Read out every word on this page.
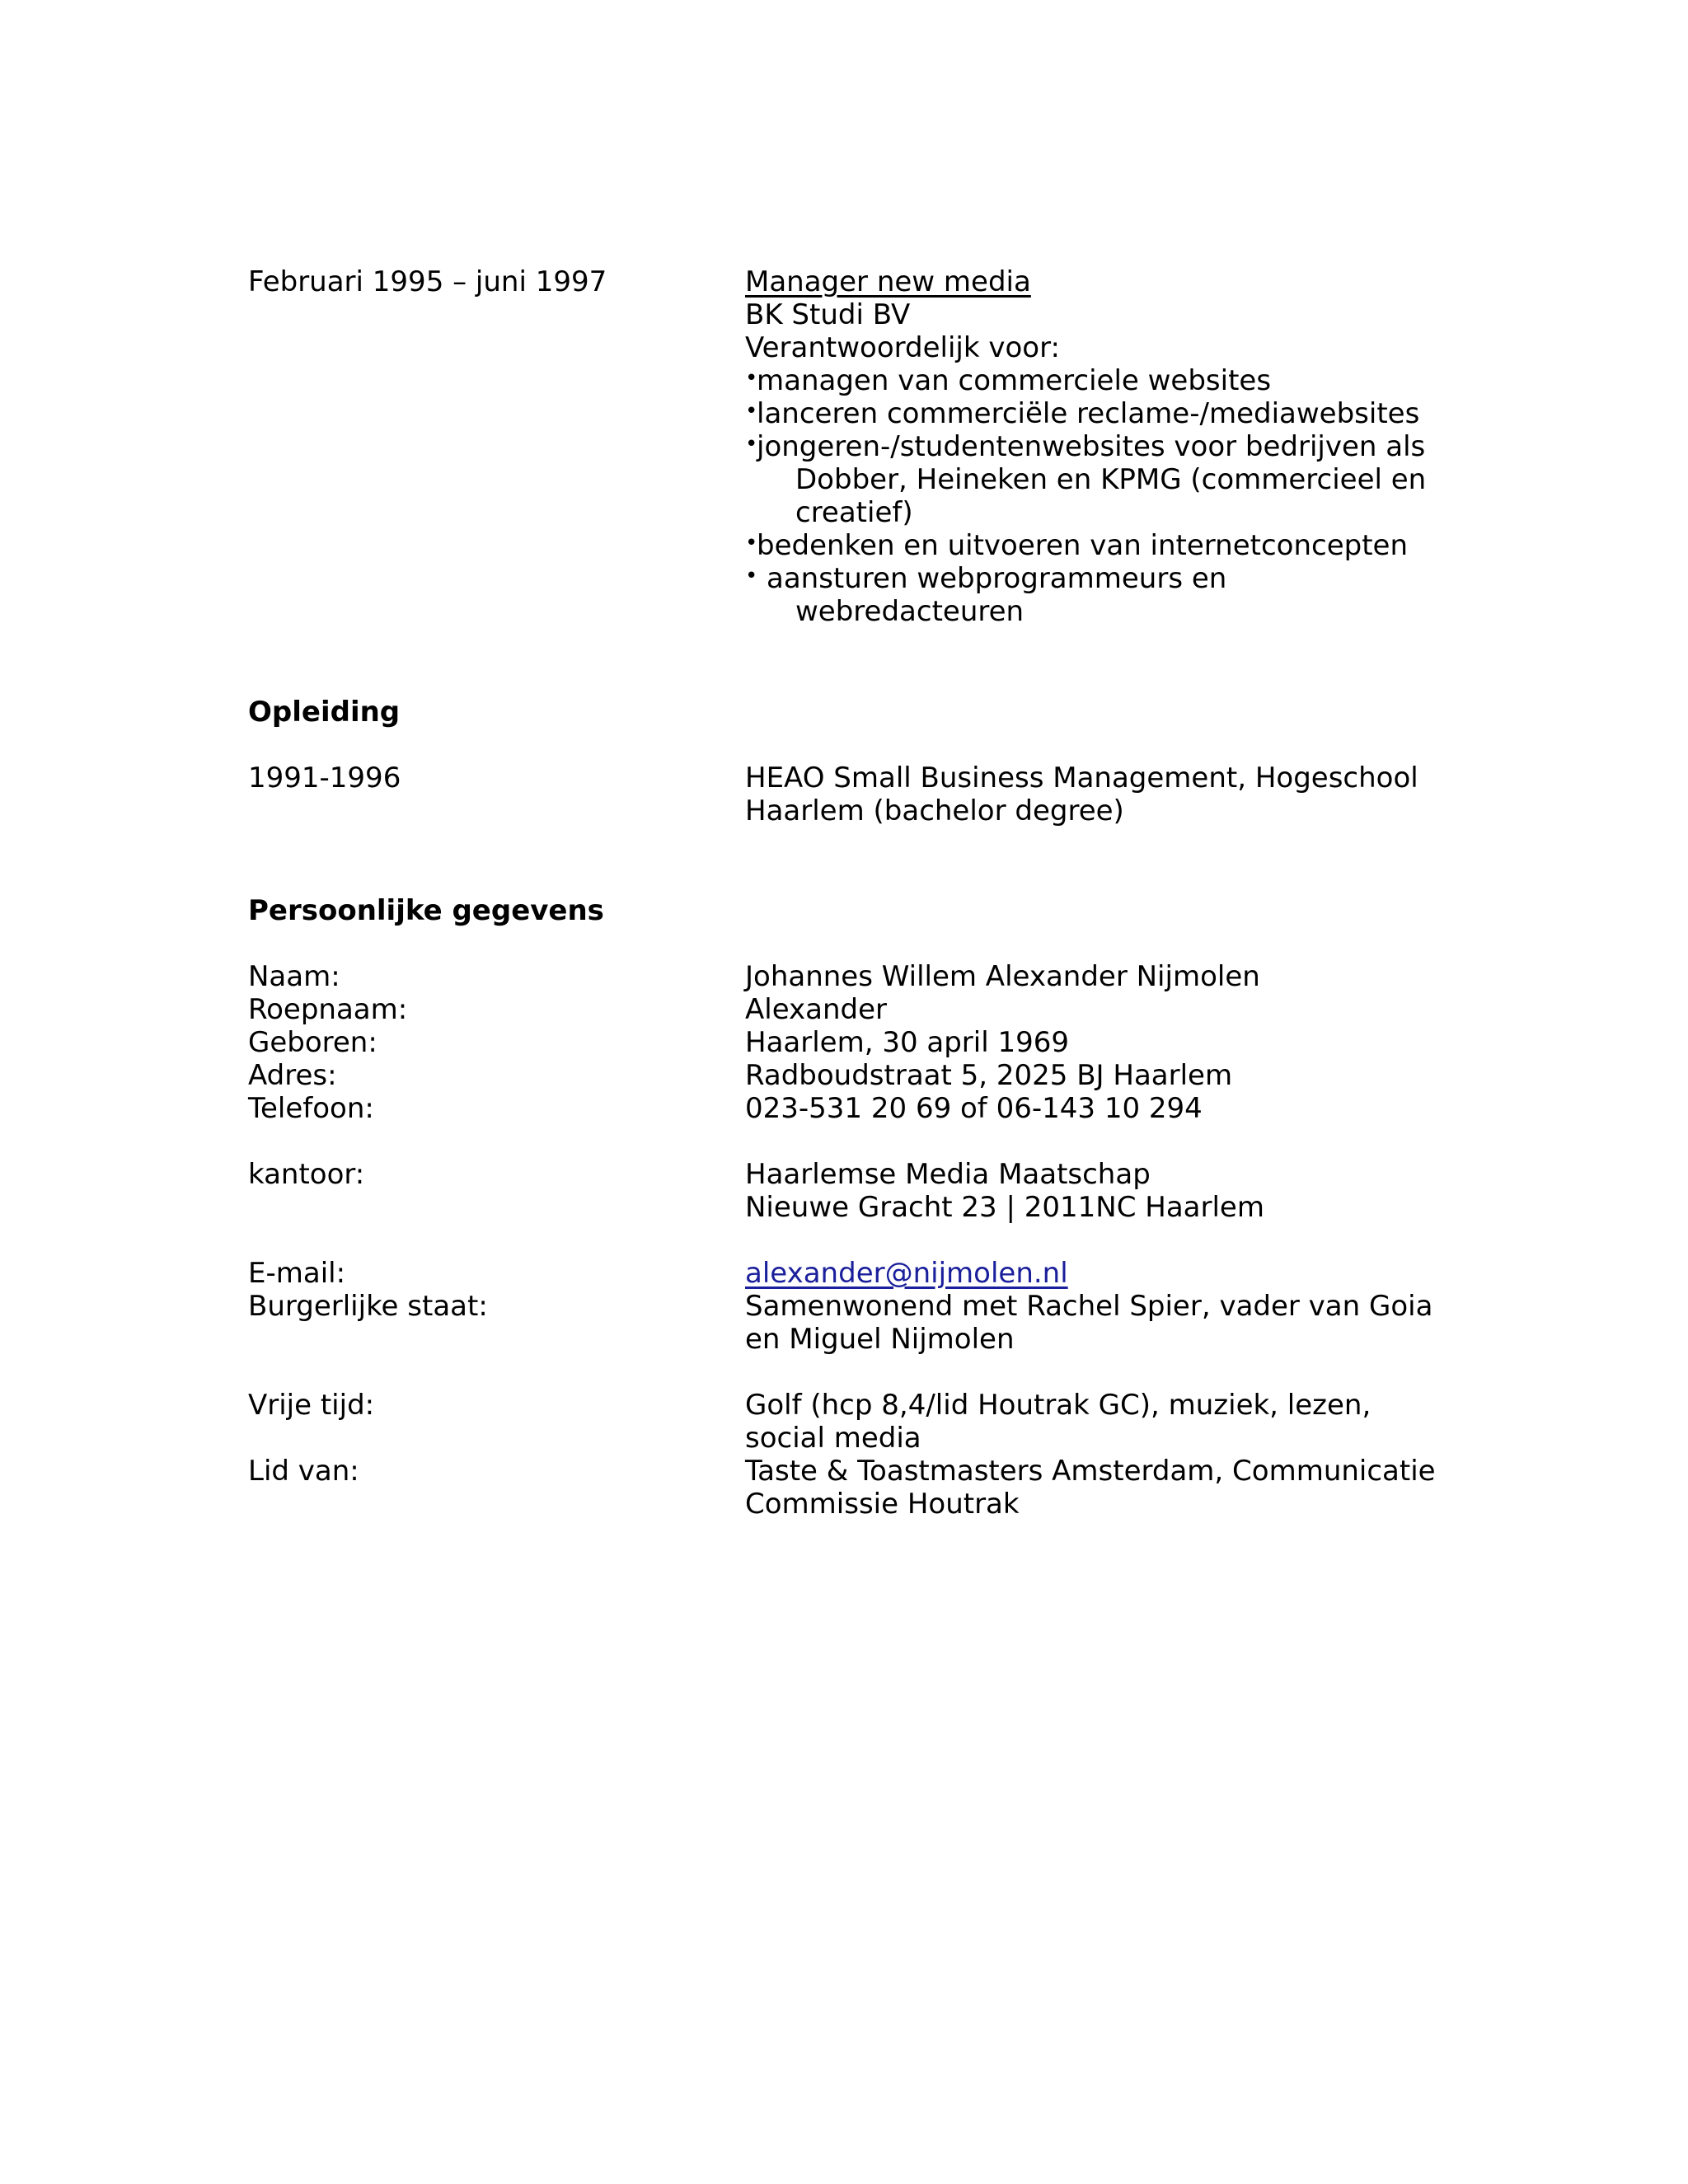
Februari 1995 – juni 1997	Manager new media
BK Studi BV
Verantwoordelijk voor:
•
managen van commerciele websites
•
lanceren commerciële reclame-/mediawebsites
•
jongeren-/studentenwebsites voor bedrijven als
Dobber, Heineken en KPMG (commercieel en
creatief)
•
bedenken en uitvoeren van internetconcepten
• aansturen webprogrammeurs en
webredacteuren
Opleiding
1991-1996	HEAO Small Business Management, Hogeschool
Haarlem (bachelor degree)
Persoonlijke gegevens
Naam:	Johannes Willem Alexander Nijmolen
Roepnaam:	Alexander
Geboren:	Haarlem, 30 april 1969
Adres:	Radboudstraat 5, 2025 BJ Haarlem
Telefoon:	023-531 20 69 of 06-143 10 294
kantoor:	Haarlemse Media Maatschap
Nieuwe Gracht 23 | 2011NC Haarlem
E-mail:	alexander@nijmolen.nl
Burgerlijke staat:	Samenwonend met Rachel Spier, vader van Goia
en Miguel Nijmolen
Vrije tijd:	Golf (hcp 8,4/lid Houtrak GC), muziek, lezen,
social media
Lid van:	Taste & Toastmasters Amsterdam, Communicatie
Commissie Houtrak
